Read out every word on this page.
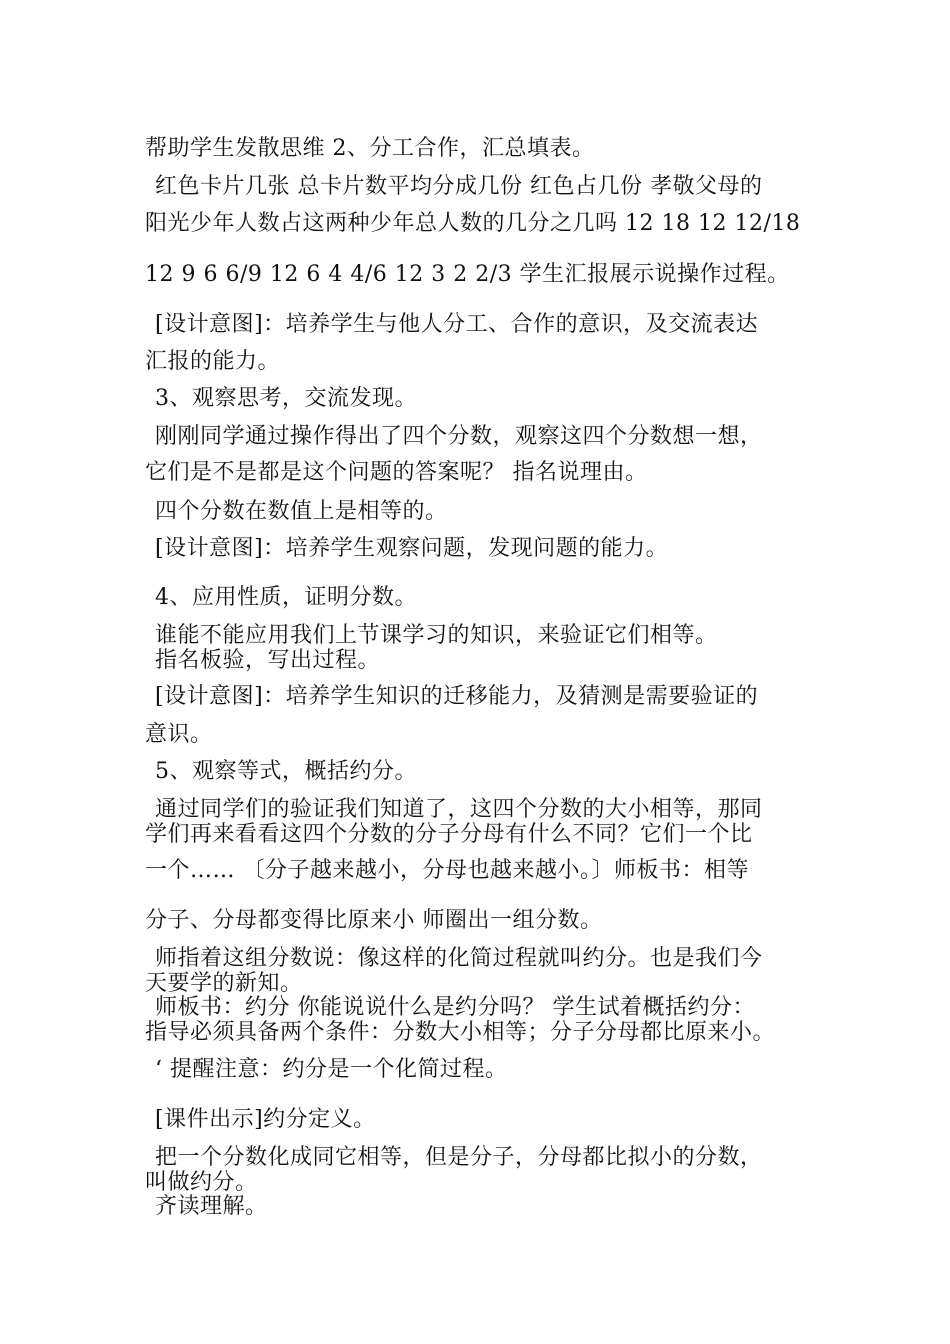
帮助学生发散思维 2、分工合作，汇总填表。
红色卡片几张 总卡片数平均分成几份 红色占几份 孝敬父母的
阳光少年人数占这两种少年总人数的几分之几吗 12 18 12 12/18
12 9 6 6/9 12 6 4 4/6 12 3 2 2/3 学生汇报展示说操作过程。
[设计意图]：培养学生与他人分工、合作的意识，及交流表达
汇报的能力。
3、观察思考，交流发现。
刚刚同学通过操作得出了四个分数，观察这四个分数想一想，
它们是不是都是这个问题的答案呢？ 指名说理由。
四个分数在数值上是相等的。
[设计意图]：培养学生观察问题，发现问题的能力。
4、应用性质，证明分数。
谁能不能应用我们上节课学习的知识，来验证它们相等。
指名板验，写出过程。
[设计意图]：培养学生知识的迁移能力，及猜测是需要验证的
意识。
5、观察等式，概括约分。
通过同学们的验证我们知道了，这四个分数的大小相等，那同
学们再来看看这四个分数的分子分母有什么不同？它们一个比
一个…… 〔分子越来越小，分母也越来越小。〕师板书：相等
分子、分母都变得比原来小 师圈出一组分数。
师指着这组分数说：像这样的化简过程就叫约分。也是我们今
天要学的新知。
师板书：约分 你能说说什么是约分吗？ 学生试着概括约分：
指导必须具备两个条件：分数大小相等；分子分母都比原来小。
‘ 提醒注意：约分是一个化简过程。
[课件出示]约分定义。
把一个分数化成同它相等，但是分子，分母都比拟小的分数，
叫做约分。
齐读理解。
